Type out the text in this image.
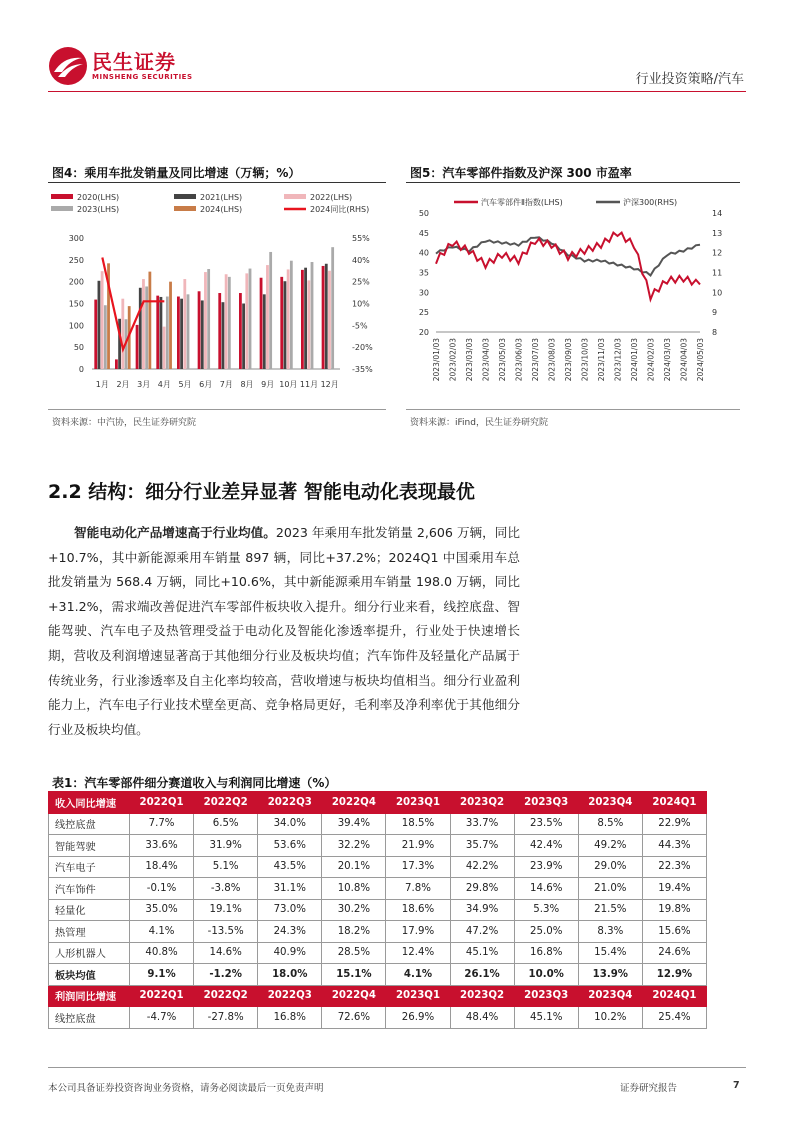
民生证券
MINSHENG SECURITIES	行业投资策略/汽车
图4：乘用车批发销量及同比增速（万辆；%）
2020(LHS)	2021(LHS)	2022(LHS)
2023(LHS)	2024(LHS)	2024同比(RHS)
0
50
100
150
200
250
300
-35%
-20%
-5%
10%
25%
40%
55%
1月 2月 3月 4月 5月 6月 7月 8月 9月 10月 11月 12月
资料来源：中汽协，民生证券研究院
图5：汽车零部件指数及沪深 300 市盈率
汽车零部件Ⅱ指数(LHS)	沪深300(RHS)
20
25
30
35
40
45
50
8
9
10
11
12
13
14
2023/01/03 2023/02/03 2023/03/03 2023/04/03 2023/05/03 2023/06/03 2023/07/03 2023/08/03 2023/09/03 2023/10/03 2023/11/03 2023/12/03 2024/01/03 2024/02/03 2024/03/03 2024/04/03 2024/05/03
资料来源：iFind，民生证券研究院
2.2 结构：细分行业差异显著 智能电动化表现最优
智能电动化产品增速高于行业均值。2023 年乘用车批发销量 2,606 万辆，同比+10.7%，其中新能源乘用车销量 897 辆，同比+37.2%；2024Q1 中国乘用车总批发销量为 568.4 万辆，同比+10.6%，其中新能源乘用车销量 198.0 万辆，同比+31.2%，需求端改善促进汽车零部件板块收入提升。细分行业来看，线控底盘、智能驾驶、汽车电子及热管理受益于电动化及智能化渗透率提升，行业处于快速增长期，营收及利润增速显著高于其他细分行业及板块均值；汽车饰件及轻量化产品属于传统业务，行业渗透率及自主化率均较高，营收增速与板块均值相当。细分行业盈利能力上，汽车电子行业技术壁垒更高、竞争格局更好，毛利率及净利率优于其他细分行业及板块均值。
表1：汽车零部件细分赛道收入与利润同比增速（%）
收入同比增速	2022Q1	2022Q2	2022Q3	2022Q4	2023Q1	2023Q2	2023Q3	2023Q4	2024Q1
线控底盘	7.7%	6.5%	34.0%	39.4%	18.5%	33.7%	23.5%	8.5%	22.9%
智能驾驶	33.6%	31.9%	53.6%	32.2%	21.9%	35.7%	42.4%	49.2%	44.3%
汽车电子	18.4%	5.1%	43.5%	20.1%	17.3%	42.2%	23.9%	29.0%	22.3%
汽车饰件	-0.1%	-3.8%	31.1%	10.8%	7.8%	29.8%	14.6%	21.0%	19.4%
轻量化	35.0%	19.1%	73.0%	30.2%	18.6%	34.9%	5.3%	21.5%	19.8%
热管理	4.1%	-13.5%	24.3%	18.2%	17.9%	47.2%	25.0%	8.3%	15.6%
人形机器人	40.8%	14.6%	40.9%	28.5%	12.4%	45.1%	16.8%	15.4%	24.6%
板块均值	9.1%	-1.2%	18.0%	15.1%	4.1%	26.1%	10.0%	13.9%	12.9%
利润同比增速	2022Q1	2022Q2	2022Q3	2022Q4	2023Q1	2023Q2	2023Q3	2023Q4	2024Q1
线控底盘	-4.7%	-27.8%	16.8%	72.6%	26.9%	48.4%	45.1%	10.2%	25.4%
本公司具备证券投资咨询业务资格，请务必阅读最后一页免责声明	证券研究报告	7
